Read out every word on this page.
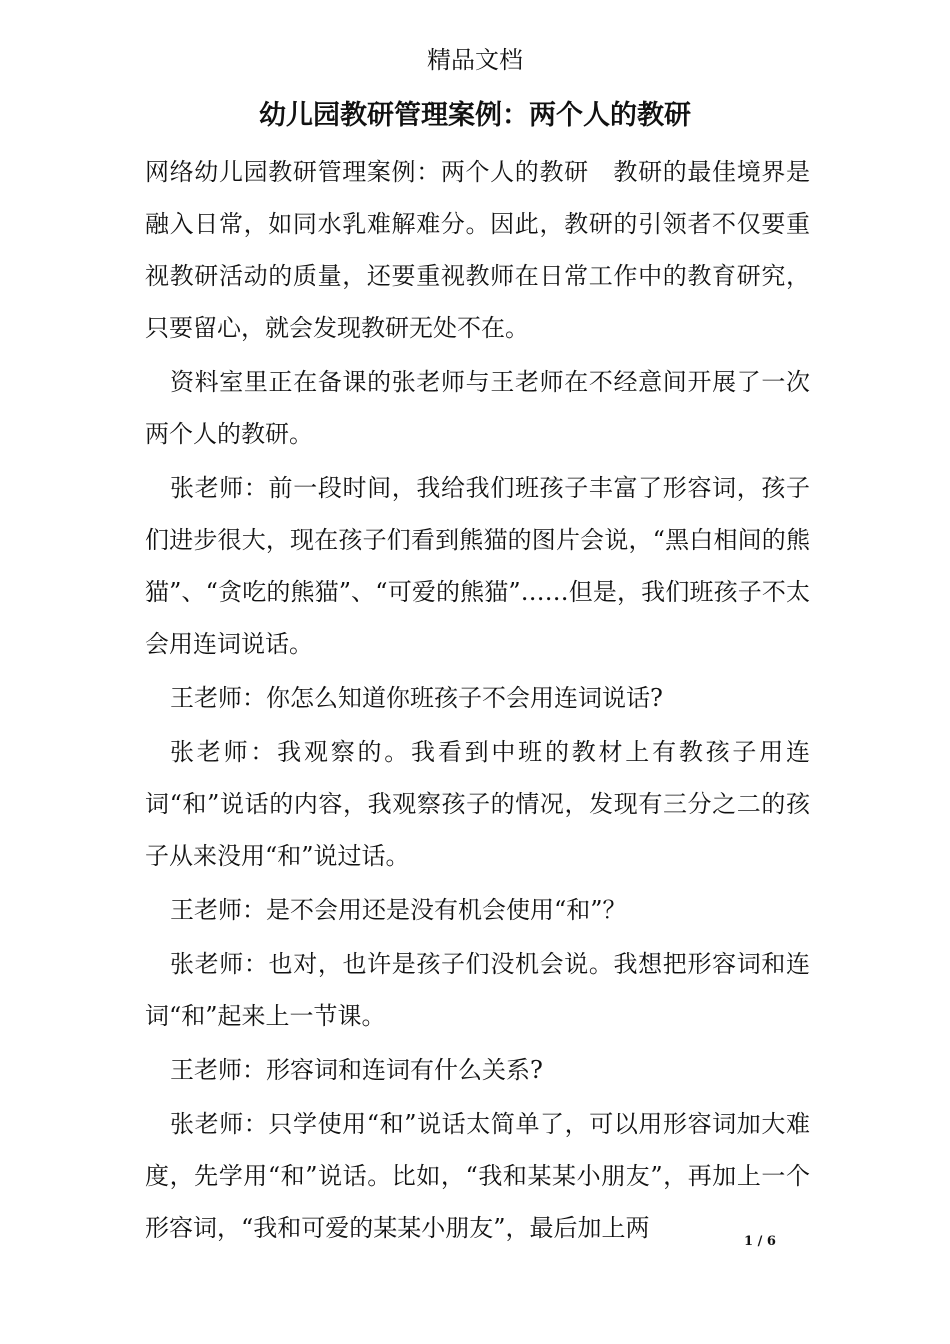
精品文档
幼儿园教研管理案例：两个人的教研

网络幼儿园教研管理案例：两个人的教研　教研的最佳境界是融入日常，如同水乳难解难分。因此，教研的引领者不仅要重视教研活动的质量，还要重视教师在日常工作中的教育研究，只要留心，就会发现教研无处不在。

资料室里正在备课的张老师与王老师在不经意间开展了一次两个人的教研。

张老师：前一段时间，我给我们班孩子丰富了形容词，孩子们进步很大，现在孩子们看到熊猫的图片会说，“黑白相间的熊猫”、“贪吃的熊猫”、“可爱的熊猫”……但是，我们班孩子不太会用连词说话。

王老师：你怎么知道你班孩子不会用连词说话?

张老师：我观察的。我看到中班的教材上有教孩子用连词“和”说话的内容，我观察孩子的情况，发现有三分之二的孩子从来没用“和”说过话。

王老师：是不会用还是没有机会使用“和”？

张老师：也对，也许是孩子们没机会说。我想把形容词和连词“和”起来上一节课。

王老师：形容词和连词有什么关系?

张老师：只学使用“和”说话太简单了，可以用形容词加大难度，先学用“和”说话。比如，“我和某某小朋友”，再加上一个形容词，“我和可爱的某某小朋友”，最后加上两	1 / 6
